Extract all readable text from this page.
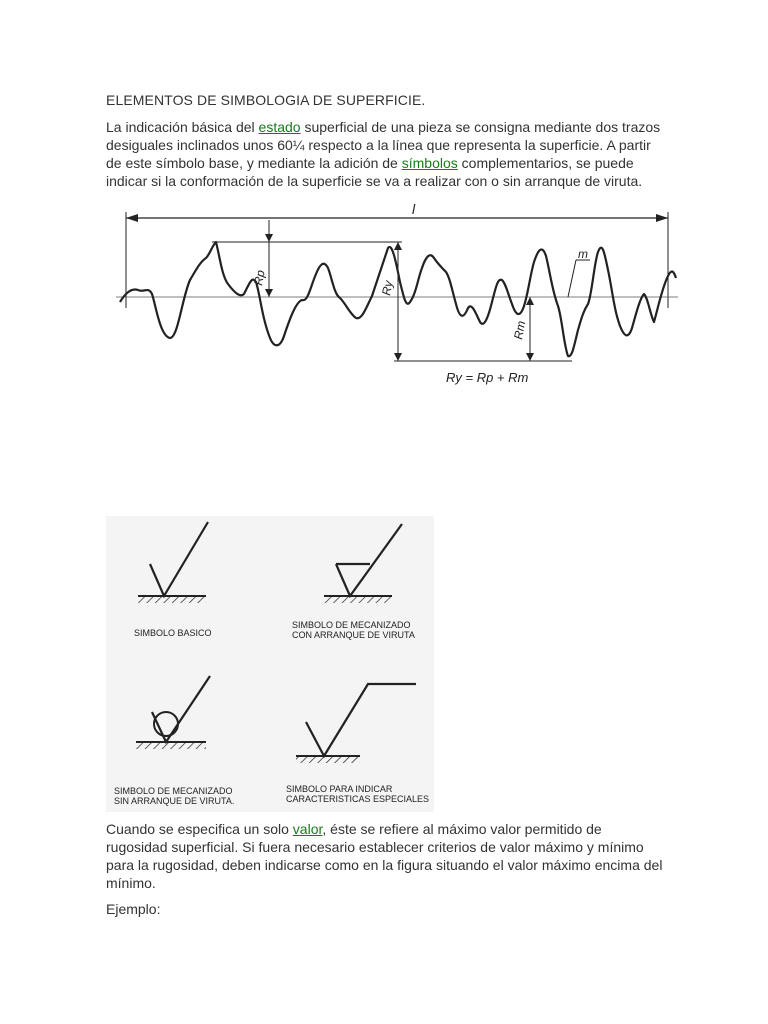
ELEMENTOS DE SIMBOLOGIA DE SUPERFICIE.
La indicación básica del estado superficial de una pieza se consigna mediante dos trazos desiguales inclinados unos 60¼ respecto a la línea que representa la superficie. A partir de este símbolo base, y mediante la adición de símbolos complementarios, se puede indicar si la conformación de la superficie se va a realizar con o sin arranque de viruta.
l
Rp
Ry
Rm
m
Ry = Rp + Rm
SIMBOLO BASICO
SIMBOLO DE MECANIZADO
CON ARRANQUE DE VIRUTA
SIMBOLO DE MECANIZADO
SIN ARRANQUE DE VIRUTA.
SIMBOLO PARA INDICAR
CARACTERISTICAS ESPECIALES
Cuando se especifica un solo valor, éste se refiere al máximo valor permitido de rugosidad superficial. Si fuera necesario establecer criterios de valor máximo y mínimo para la rugosidad, deben indicarse como en la figura situando el valor máximo encima del mínimo.
Ejemplo:
